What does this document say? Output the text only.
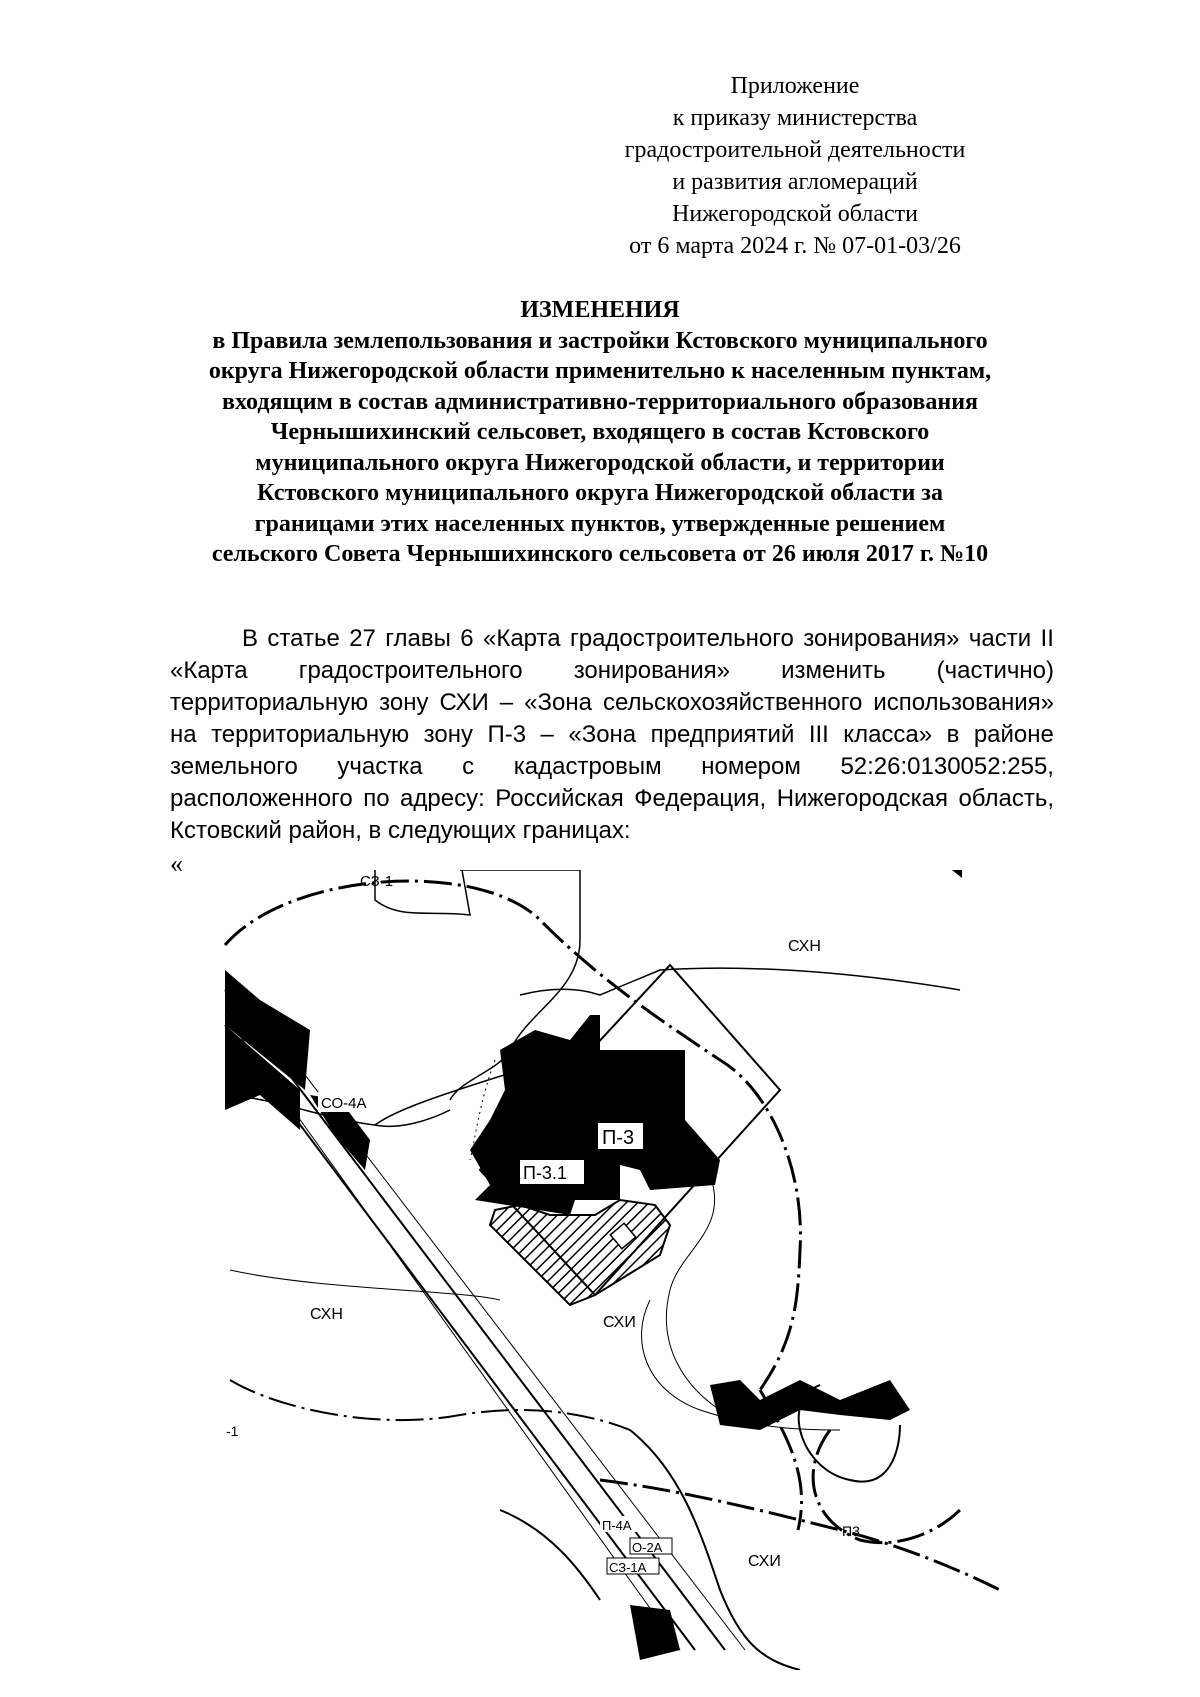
Приложение
к приказу министерства
градостроительной деятельности
и развития агломераций
Нижегородской области
от 6 марта 2024 г. № 07-01-03/26
ИЗМЕНЕНИЯ
в Правила землепользования и застройки Кстовского муниципального
округа Нижегородской области применительно к населенным пунктам,
входящим в состав административно-территориального образования
Чернышихинский сельсовет, входящего в состав Кстовского
муниципального округа Нижегородской области, и территории
Кстовского муниципального округа Нижегородской области за
границами этих населенных пунктов, утвержденные решением
сельского Совета Чернышихинского сельсовета от 26 июля 2017 г. №10
В статье 27 главы 6 «Карта градостроительного зонирования» части II
«Карта градостроительного зонирования» изменить (частично)
территориальную зону СХИ – «Зона сельскохозяйственного использования»
на территориальную зону П-3 – «Зона предприятий III класса» в районе
земельного участка с кадастровым номером 52:26:0130052:255,
расположенного по адресу: Российская Федерация, Нижегородская область,
Кстовский район, в следующих границах:
«
СО-4А
П-3
П-3.1
СЗ-1
СХН
СХН	СХИ
-1
П3
П-4А
О-2А
СЗ-1А	СХИ
